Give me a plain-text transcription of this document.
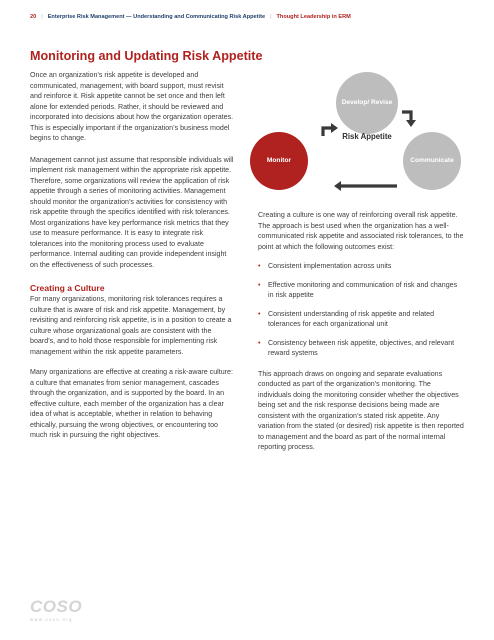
20 | Enterprise Risk Management — Understanding and Communicating Risk Appetite | Thought Leadership in ERM
Monitoring and Updating Risk Appetite

Once an organization’s risk appetite is developed and communicated, management, with board support, must revisit and reinforce it. Risk appetite cannot be set once and then left alone for extended periods. Rather, it should be reviewed and incorporated into decisions about how the organization operates. This is especially important if the organization’s business model begins to change.

Management cannot just assume that responsible individuals will implement risk management within the appropriate risk appetite. Therefore, some organizations will review the application of risk appetite through a series of monitoring activities. Management should monitor the organization’s activities for consistency with risk appetite through the specifics identified with risk tolerances. Most organizations have key performance risk metrics that they use to measure performance. It is easy to integrate risk tolerances into the monitoring process used to evaluate performance. Internal auditing can provide independent insight on the effectiveness of such processes.

Creating a Culture

For many organizations, monitoring risk tolerances requires a culture that is aware of risk and risk appetite. Management, by revisiting and reinforcing risk appetite, is in a position to create a culture whose organizational goals are consistent with the board’s, and to hold those responsible for implementing risk management within the risk appetite parameters.

Many organizations are effective at creating a risk-aware culture: a culture that emanates from senior management, cascades through the organization, and is supported by the board. In an effective culture, each member of the organization has a clear idea of what is acceptable, whether in relation to behaving ethically, pursuing the wrong objectives, or encountering too much risk in pursuing the right objectives.

Develop/ Revise
Monitor	Communicate
Risk Appetite

Creating a culture is one way of reinforcing overall risk appetite. The approach is best used when the organization has a well-communicated risk appetite and associated risk tolerances, to the point at which the following outcomes exist:

• Consistent implementation across units
• Effective monitoring and communication of risk and changes in risk appetite
• Consistent understanding of risk appetite and related tolerances for each organizational unit
• Consistency between risk appetite, objectives, and relevant reward systems

This approach draws on ongoing and separate evaluations conducted as part of the organization’s monitoring. The individuals doing the monitoring consider whether the objectives being set and the risk response decisions being made are consistent with the organization’s stated risk appetite. Any variation from the stated (or desired) risk appetite is then reported to management and the board as part of the normal internal reporting process.

COSO
www.coso.org
